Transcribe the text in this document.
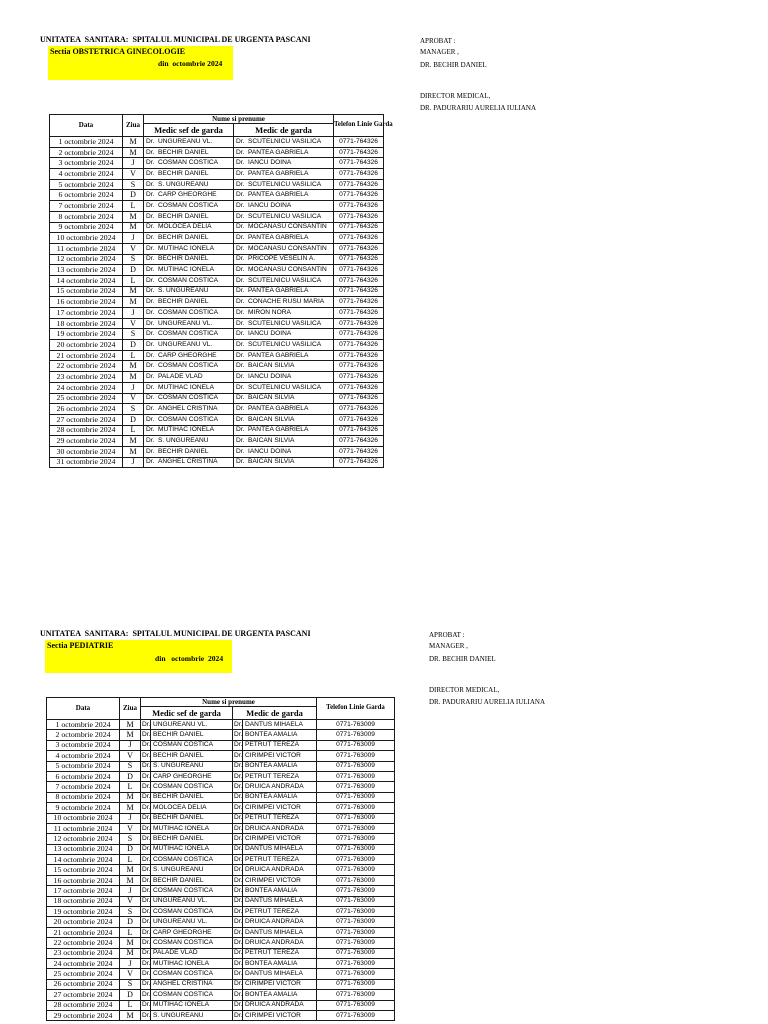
UNITATEA  SANITARA:  SPITALUL MUNICIPAL DE URGENTA PASCANI
Sectia OBSTETRICA GINECOLOGIE
din  octombrie 2024
APROBAT :
MANAGER ,
DR. BECHIR DANIEL
DIRECTOR MEDICAL,
DR. PADURARIU AURELIA IULIANA
Data	Ziua	Nume si prenume		Telefon Linie Garda
		Medic sef de garda	Medic de garda	
1 octombrie 2024	M	Dr. UNGUREANU VL.	Dr. SCUTELNICU VASILICA	0771-764326
2 octombrie 2024	M	Dr. BECHIR DANIEL	Dr. PANTEA GABRIELA	0771-764326
3 octombrie 2024	J	Dr. COSMAN COSTICA	Dr. IANCU DOINA	0771-764326
4 octombrie 2024	V	Dr. BECHIR DANIEL	Dr. PANTEA GABRIELA	0771-764326
5 octombrie 2024	S	Dr. S. UNGUREANU	Dr. SCUTELNICU VASILICA	0771-764326
6 octombrie 2024	D	Dr. CARP GHEORGHE	Dr. PANTEA GABRIELA	0771-764326
7 octombrie 2024	L	Dr. COSMAN COSTICA	Dr. IANCU DOINA	0771-764326
8 octombrie 2024	M	Dr. BECHIR DANIEL	Dr. SCUTELNICU VASILICA	0771-764326
9 octombrie 2024	M	Dr. MOLOCEA DELIA	Dr. MOCANASU CONSANTIN	0771-764326
10 octombrie 2024	J	Dr. BECHIR DANIEL	Dr. PANTEA GABRIELA	0771-764326
11 octombrie 2024	V	Dr. MUTIHAC IONELA	Dr. MOCANASU CONSANTIN	0771-764326
12 octombrie 2024	S	Dr. BECHIR DANIEL	Dr. PRICOPE VESELIN A.	0771-764326
13 octombrie 2024	D	Dr. MUTIHAC IONELA	Dr. MOCANASU CONSANTIN	0771-764326
14 octombrie 2024	L	Dr. COSMAN COSTICA	Dr. SCUTELNICU VASILICA	0771-764326
15 octombrie 2024	M	Dr. S. UNGUREANU	Dr. PANTEA GABRIELA	0771-764326
16 octombrie 2024	M	Dr. BECHIR DANIEL	Dr. CONACHE RUSU MARIA	0771-764326
17 octombrie 2024	J	Dr. COSMAN COSTICA	Dr. MIRON NORA	0771-764326
18 octombrie 2024	V	Dr. UNGUREANU VL.	Dr. SCUTELNICU VASILICA	0771-764326
19 octombrie 2024	S	Dr. COSMAN COSTICA	Dr. IANCU DOINA	0771-764326
20 octombrie 2024	D	Dr. UNGUREANU VL.	Dr. SCUTELNICU VASILICA	0771-764326
21 octombrie 2024	L	Dr. CARP GHEORGHE	Dr. PANTEA GABRIELA	0771-764326
22 octombrie 2024	M	Dr. COSMAN COSTICA	Dr. BAICAN SILVIA	0771-764326
23 octombrie 2024	M	Dr. PALADE VLAD	Dr. IANCU DOINA	0771-764326
24 octombrie 2024	J	Dr. MUTIHAC IONELA	Dr. SCUTELNICU VASILICA	0771-764326
25 octombrie 2024	V	Dr. COSMAN COSTICA	Dr. BAICAN SILVIA	0771-764326
26 octombrie 2024	S	Dr. ANGHEL CRISTINA	Dr. PANTEA GABRIELA	0771-764326
27 octombrie 2024	D	Dr. COSMAN COSTICA	Dr. BAICAN SILVIA	0771-764326
28 octombrie 2024	L	Dr. MUTIHAC IONELA	Dr. PANTEA GABRIELA	0771-764326
29 octombrie 2024	M	Dr. S. UNGUREANU	Dr. BAICAN SILVIA	0771-764326
30 octombrie 2024	M	Dr. BECHIR DANIEL	Dr. IANCU DOINA	0771-764326
31 octombrie 2024	J	Dr. ANGHEL CRISTINA	Dr. BAICAN SILVIA	0771-764326
UNITATEA  SANITARA:  SPITALUL MUNICIPAL DE URGENTA PASCANI
Sectia PEDIATRIE
din   octombrie  2024
APROBAT :
MANAGER ,
DR. BECHIR DANIEL
DIRECTOR MEDICAL,
DR. PADURARIU AURELIA IULIANA
Data	Ziua	Nume si prenume				Telefon Linie Garda
		Medic sef de garda		Medic de garda		
1 octombrie 2024	M	Dr.	UNGUREANU VL.	Dr.	DANTUS MIHAELA	0771-763009
2 octombrie 2024	M	Dr.	BECHIR DANIEL	Dr.	BONTEA AMALIA	0771-763009
3 octombrie 2024	J	Dr.	COSMAN COSTICA	Dr.	PETRUT TEREZA	0771-763009
4 octombrie 2024	V	Dr.	BECHIR DANIEL	Dr.	CIRIMPEI VICTOR	0771-763009
5 octombrie 2024	S	Dr.	S. UNGUREANU	Dr.	BONTEA AMALIA	0771-763009
6 octombrie 2024	D	Dr.	CARP GHEORGHE	Dr.	PETRUT TEREZA	0771-763009
7 octombrie 2024	L	Dr.	COSMAN COSTICA	Dr.	DRUICA ANDRADA	0771-763009
8 octombrie 2024	M	Dr.	BECHIR DANIEL	Dr.	BONTEA AMALIA	0771-763009
9 octombrie 2024	M	Dr.	MOLOCEA DELIA	Dr.	CIRIMPEI VICTOR	0771-763009
10 octombrie 2024	J	Dr.	BECHIR DANIEL	Dr.	PETRUT TEREZA	0771-763009
11 octombrie 2024	V	Dr.	MUTIHAC IONELA	Dr.	DRUICA ANDRADA	0771-763009
12 octombrie 2024	S	Dr.	BECHIR DANIEL	Dr.	CIRIMPEI VICTOR	0771-763009
13 octombrie 2024	D	Dr.	MUTIHAC IONELA	Dr.	DANTUS MIHAELA	0771-763009
14 octombrie 2024	L	Dr.	COSMAN COSTICA	Dr.	PETRUT TEREZA	0771-763009
15 octombrie 2024	M	Dr.	S. UNGUREANU	Dr.	DRUICA ANDRADA	0771-763009
16 octombrie 2024	M	Dr.	BECHIR DANIEL	Dr.	CIRIMPEI VICTOR	0771-763009
17 octombrie 2024	J	Dr.	COSMAN COSTICA	Dr.	BONTEA AMALIA	0771-763009
18 octombrie 2024	V	Dr.	UNGUREANU VL.	Dr.	DANTUS MIHAELA	0771-763009
19 octombrie 2024	S	Dr.	COSMAN COSTICA	Dr.	PETRUT TEREZA	0771-763009
20 octombrie 2024	D	Dr.	UNGUREANU VL.	Dr.	DRUICA ANDRADA	0771-763009
21 octombrie 2024	L	Dr.	CARP GHEORGHE	Dr.	DANTUS MIHAELA	0771-763009
22 octombrie 2024	M	Dr.	COSMAN COSTICA	Dr.	DRUICA ANDRADA	0771-763009
23 octombrie 2024	M	Dr.	PALADE VLAD	Dr.	PETRUT TEREZA	0771-763009
24 octombrie 2024	J	Dr.	MUTIHAC IONELA	Dr.	BONTEA AMALIA	0771-763009
25 octombrie 2024	V	Dr.	COSMAN COSTICA	Dr.	DANTUS MIHAELA	0771-763009
26 octombrie 2024	S	Dr.	ANGHEL CRISTINA	Dr.	CIRIMPEI VICTOR	0771-763009
27 octombrie 2024	D	Dr.	COSMAN COSTICA	Dr.	BONTEA AMALIA	0771-763009
28 octombrie 2024	L	Dr.	MUTIHAC IONELA	Dr.	DRUICA ANDRADA	0771-763009
29 octombrie 2024	M	Dr.	S. UNGUREANU	Dr.	CIRIMPEI VICTOR	0771-763009
